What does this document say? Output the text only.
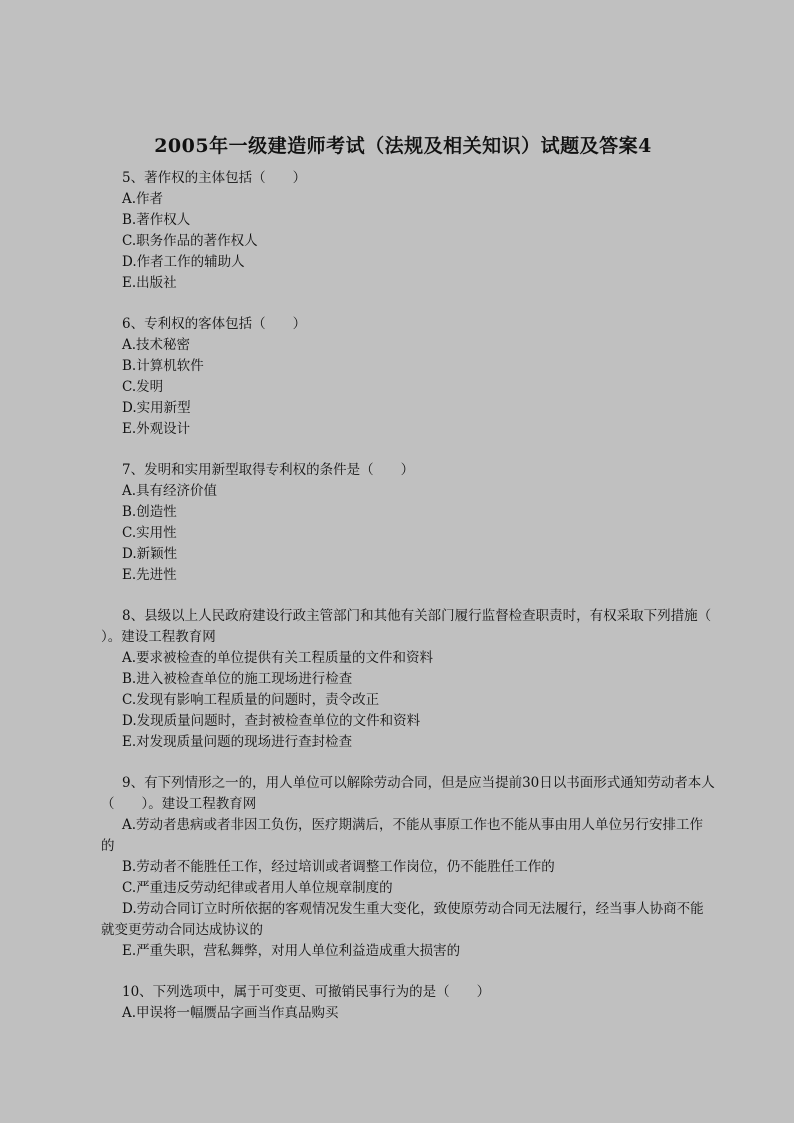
2005年一级建造师考试（法规及相关知识）试题及答案4
5、著作权的主体包括（　　）
A.作者
B.著作权人
C.职务作品的著作权人
D.作者工作的辅助人
E.出版社
6、专利权的客体包括（　　）
A.技术秘密
B.计算机软件
C.发明
D.实用新型
E.外观设计
7、发明和实用新型取得专利权的条件是（　　）
A.具有经济价值
B.创造性
C.实用性
D.新颖性
E.先进性
8、县级以上人民政府建设行政主管部门和其他有关部门履行监督检查职责时，有权采取下列措施（　　）。建设工程教育网
A.要求被检查的单位提供有关工程质量的文件和资料
B.进入被检查单位的施工现场进行检查
C.发现有影响工程质量的问题时，责令改正
D.发现质量问题时，查封被检查单位的文件和资料
E.对发现质量问题的现场进行查封检查
9、有下列情形之一的，用人单位可以解除劳动合同，但是应当提前30日以书面形式通知劳动者本人（　　）。建设工程教育网
A.劳动者患病或者非因工负伤，医疗期满后，不能从事原工作也不能从事由用人单位另行安排工作的
B.劳动者不能胜任工作，经过培训或者调整工作岗位，仍不能胜任工作的
C.严重违反劳动纪律或者用人单位规章制度的
D.劳动合同订立时所依据的客观情况发生重大变化，致使原劳动合同无法履行，经当事人协商不能就变更劳动合同达成协议的
E.严重失职，营私舞弊，对用人单位利益造成重大损害的
10、下列选项中，属于可变更、可撤销民事行为的是（　　）
A.甲误将一幅赝品字画当作真品购买
